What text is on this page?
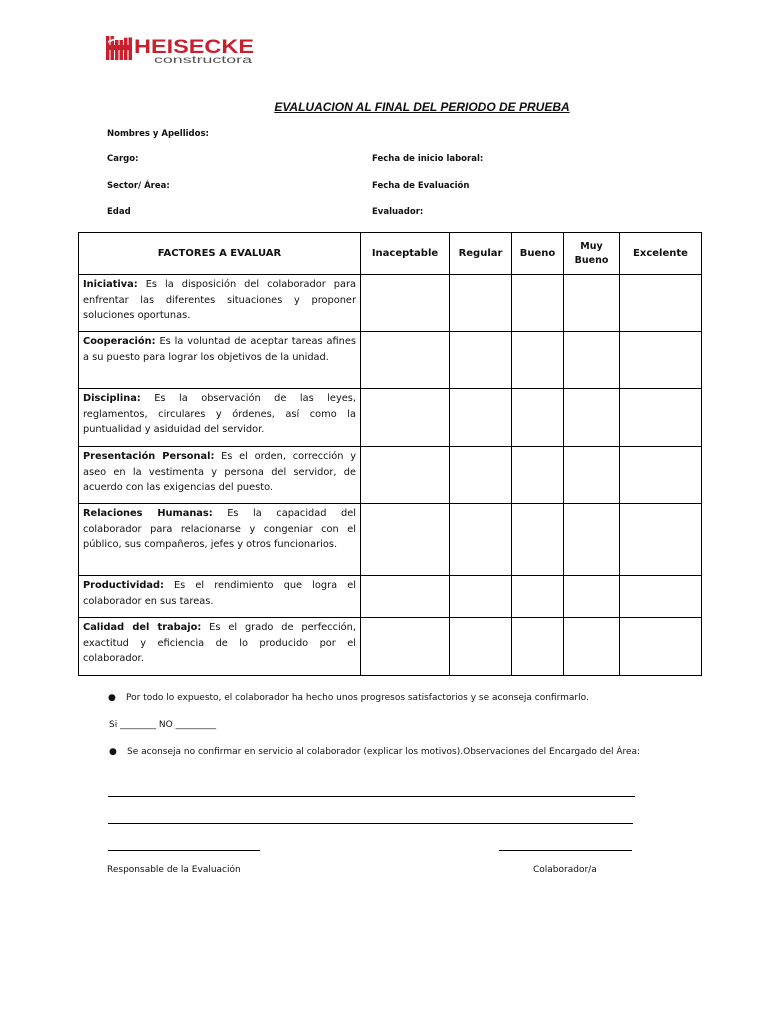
HEISECKE
constructora
EVALUACION AL FINAL DEL PERIODO DE PRUEBA
Nombres y Apellidos:
Cargo:	Fecha de inicio laboral:
Sector/ Área:	Fecha de Evaluación
Edad	Evaluador:
FACTORES A EVALUAR	Inaceptable	Regular	Bueno	Muy Bueno	Excelente
Iniciativa: Es la disposición del colaborador para enfrentar las diferentes situaciones y proponer soluciones oportunas.					
Cooperación: Es la voluntad de aceptar tareas afines a su puesto para lograr los objetivos de la unidad.					
Disciplina: Es la observación de las leyes, reglamentos, circulares y órdenes, así como la puntualidad y asiduidad del servidor.					
Presentación Personal: Es el orden, corrección y aseo en la vestimenta y persona del servidor, de acuerdo con las exigencias del puesto.					
Relaciones Humanas: Es la capacidad del colaborador para relacionarse y congeniar con el público, sus compañeros, jefes y otros funcionarios.					
Productividad: Es el rendimiento que logra el colaborador en sus tareas.					
Calidad del trabajo: Es el grado de perfección, exactitud y eficiencia de lo producido por el colaborador.					
● Por todo lo expuesto, el colaborador ha hecho unos progresos satisfactorios y se aconseja confirmarlo.
Si ________ NO _________
● Se aconseja no confirmar en servicio al colaborador (explicar los motivos).Observaciones del Encargado del Área:
Responsable de la Evaluación	Colaborador/a
